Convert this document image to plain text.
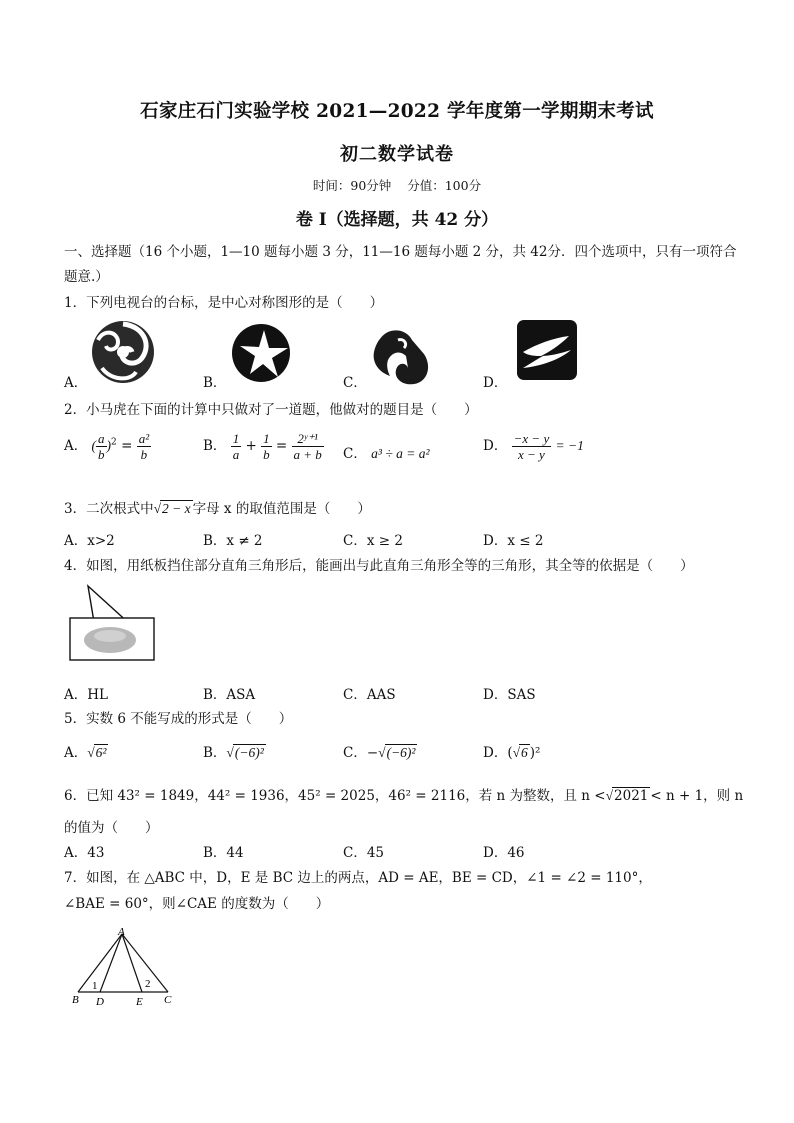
石家庄石门实验学校 2021—2022 学年度第一学期期末考试
初二数学试卷
时间：90分钟    分值：100分
卷 I（选择题，共 42 分）
一、选择题（16 个小题，1—10 题每小题 3 分，11—16 题每小题 2 分，共 42分．四个选项中，只有一项符合
题意.）
1．下列电视台的台标，是中心对称图形的是（　　）
A．	B．	C．	D．
2．小马虎在下面的计算中只做对了一道题，他做对的题目是（　　）
A． ( $\frac{a}{b} )^2 = \frac{\text{a²}}{b}$	B． $\frac{1}{a} + \frac{1}{b} = \frac{\text{2ʸ⁺¹}}{a + b}$ C． a³ ÷ a = a²	D． $\frac{-x - y}{x - y} = -1$
3．二次根式中√2 − x 字母 x 的取值范围是（　　）
A．x>2	B．x ≠ 2	C．x ≥ 2	D．x ≤ 2
4．如图，用纸板挡住部分直角三角形后，能画出与此直角三角形全等的三角形，其全等的依据是（　　）
A．HL	B．ASA	C．AAS	D．SAS
5．实数 6 不能写成的形式是（　　）
A．√6²	B．√(−6)²	C．−√(−6)²	D．(√6 )²
6．已知 43² = 1849，44² = 1936，45² = 2025，46² = 2116，若 n 为整数，且 n <√2021 < n + 1，则 n
的值为（　　）
A．43	B．44	C．45	D．46
7．如图，在 △ABC 中，D，E 是 BC 边上的两点，AD = AE，BE = CD，∠1 = ∠2 = 110°，
∠BAE = 60°，则∠CAE 的度数为（　　）
A
B D	E C
1	2
